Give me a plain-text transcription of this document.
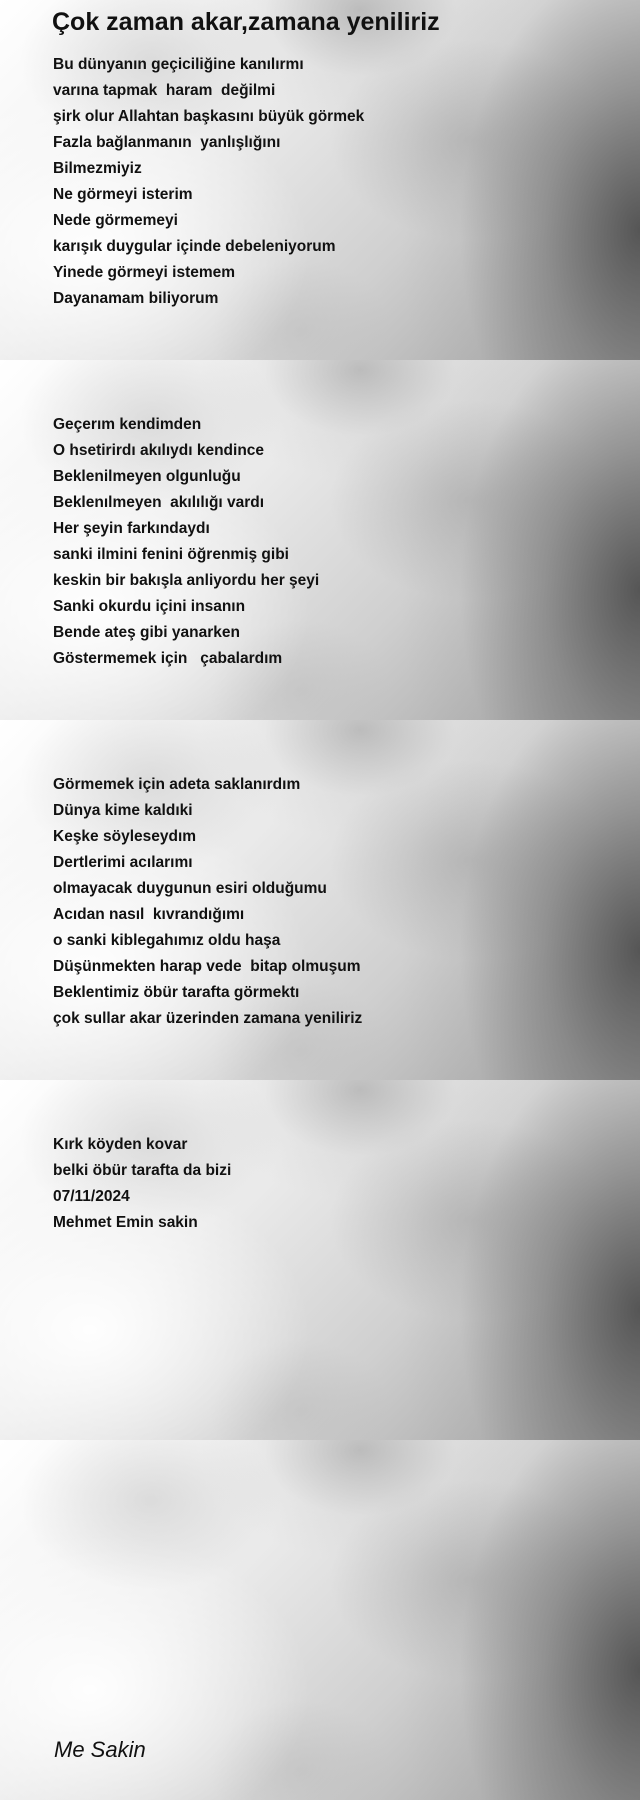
Çok zaman akar,zamana yeniliriz
Bu dünyanın geçiciliğine kanılırmı
varına tapmak  haram  değilmi
şirk olur Allahtan başkasını büyük görmek
Fazla bağlanmanın  yanlışlığını
Bilmezmiyiz
Ne görmeyi isterim
Nede görmemeyi
karışık duygular içinde debeleniyorum
Yinede görmeyi istemem
Dayanamam biliyorum
Geçerım kendimden
O hsetirirdı akılıydı kendince
Beklenilmeyen olgunluğu
Beklenılmeyen  akılılığı vardı
Her şeyin farkındaydı
sanki ilmini fenini öğrenmiş gibi
keskin bir bakışla anliyordu her şeyi
Sanki okurdu içini insanın
Bende ateş gibi yanarken
Göstermemek için   çabalardım
Görmemek için adeta saklanırdım
Dünya kime kaldıki
Keşke söyleseydım
Dertlerimi acılarımı
olmayacak duygunun esiri olduğumu
Acıdan nasıl  kıvrandığımı
o sanki kiblegahımız oldu haşa
Düşünmekten harap vede  bitap olmuşum
Beklentimiz öbür tarafta görmektı
çok sullar akar üzerinden zamana yeniliriz
Kırk köyden kovar
belki öbür tarafta da bizi
07/11/2024
Mehmet Emin sakin
Me Sakin
